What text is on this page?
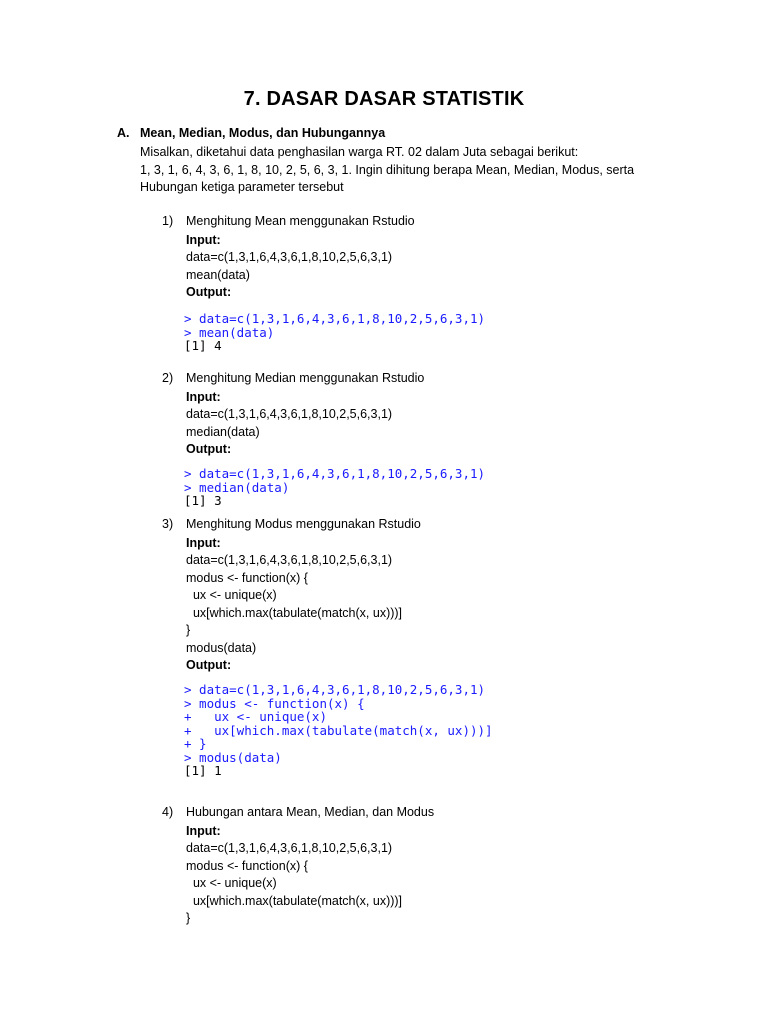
7. DASAR DASAR STATISTIK
A. Mean, Median, Modus, dan Hubungannya
Misalkan, diketahui data penghasilan warga RT. 02 dalam Juta sebagai berikut:
1, 3, 1, 6, 4, 3, 6, 1, 8, 10, 2, 5, 6, 3, 1. Ingin dihitung berapa Mean, Median, Modus, serta
Hubungan ketiga parameter tersebut
1) Menghitung Mean menggunakan Rstudio
Input:
data=c(1,3,1,6,4,3,6,1,8,10,2,5,6,3,1)
mean(data)
Output:
> data=c(1,3,1,6,4,3,6,1,8,10,2,5,6,3,1)
> mean(data)
[1] 4
2) Menghitung Median menggunakan Rstudio
Input:
data=c(1,3,1,6,4,3,6,1,8,10,2,5,6,3,1)
median(data)
Output:
> data=c(1,3,1,6,4,3,6,1,8,10,2,5,6,3,1)
> median(data)
[1] 3
3) Menghitung Modus menggunakan Rstudio
Input:
data=c(1,3,1,6,4,3,6,1,8,10,2,5,6,3,1)
modus <- function(x) {
ux <- unique(x)
ux[which.max(tabulate(match(x, ux)))]
}
modus(data)
Output:
> data=c(1,3,1,6,4,3,6,1,8,10,2,5,6,3,1)
> modus <- function(x) {
+   ux <- unique(x)
+   ux[which.max(tabulate(match(x, ux)))]
+ }
> modus(data)
[1] 1
4) Hubungan antara Mean, Median, dan Modus
Input:
data=c(1,3,1,6,4,3,6,1,8,10,2,5,6,3,1)
modus <- function(x) {
ux <- unique(x)
ux[which.max(tabulate(match(x, ux)))]
}
